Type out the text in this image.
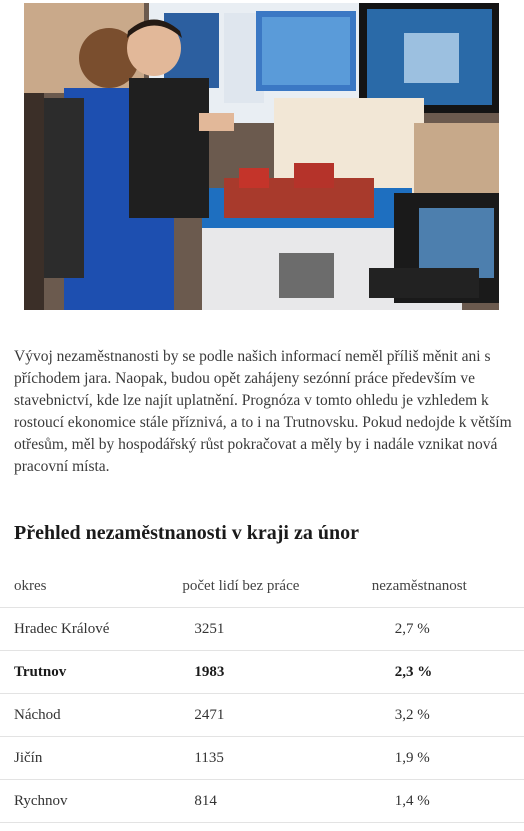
Vývoj nezaměstnanosti by se podle našich informací neměl příliš měnit ani s příchodem jara. Naopak, budou opět zahájeny sezónní práce především ve stavebnictví, kde lze najít uplatnění. Prognóza v tomto ohledu je vzhledem k rostoucí ekonomice stále příznivá, a to i na Trutnovsku. Pokud nedojde k větším otřesům, měl by hospodářský růst pokračovat a měly by i nadále vznikat nová pracovní místa.

Přehled nezaměstnanosti v kraji za únor
okres	počet lidí bez práce	nezaměstnanost
Hradec Králové	3251	2,7 %
Trutnov	1983	2,3 %
Náchod	2471	3,2 %
Jičín	1135	1,9 %
Rychnov	814	1,4 %
